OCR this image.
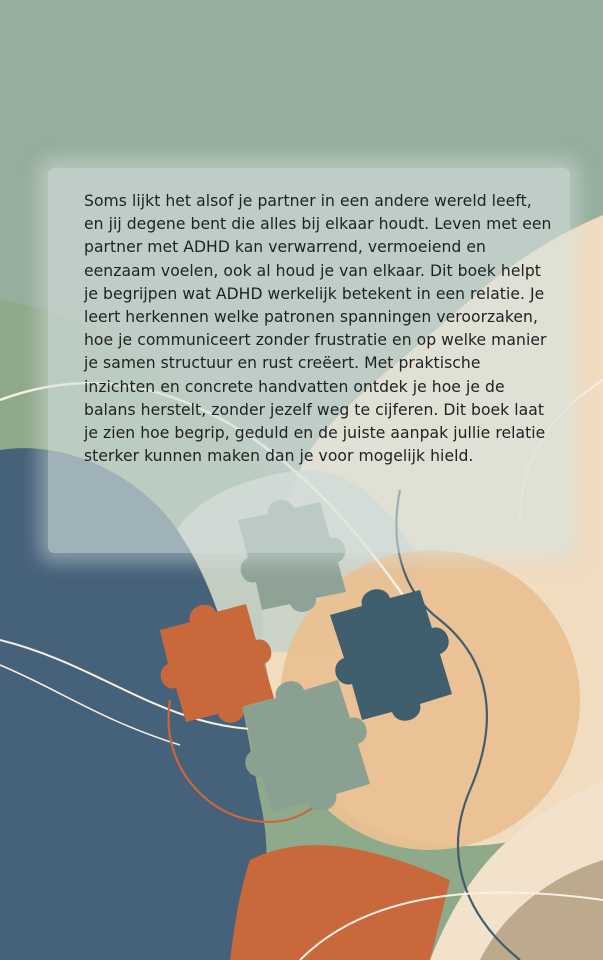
Soms lijkt het alsof je partner in een andere wereld leeft, en jij degene bent die alles bij elkaar houdt. Leven met een partner met ADHD kan verwarrend, vermoeiend en eenzaam voelen, ook al houd je van elkaar. Dit boek helpt je begrijpen wat ADHD werkelijk betekent in een relatie. Je leert herkennen welke patronen spanningen veroorzaken, hoe je communiceert zonder frustratie en op welke manier je samen structuur en rust creëert. Met praktische inzichten en concrete handvatten ontdek je hoe je de balans herstelt, zonder jezelf weg te cijferen. Dit boek laat je zien hoe begrip, geduld en de juiste aanpak jullie relatie sterker kunnen maken dan je voor mogelijk hield.
